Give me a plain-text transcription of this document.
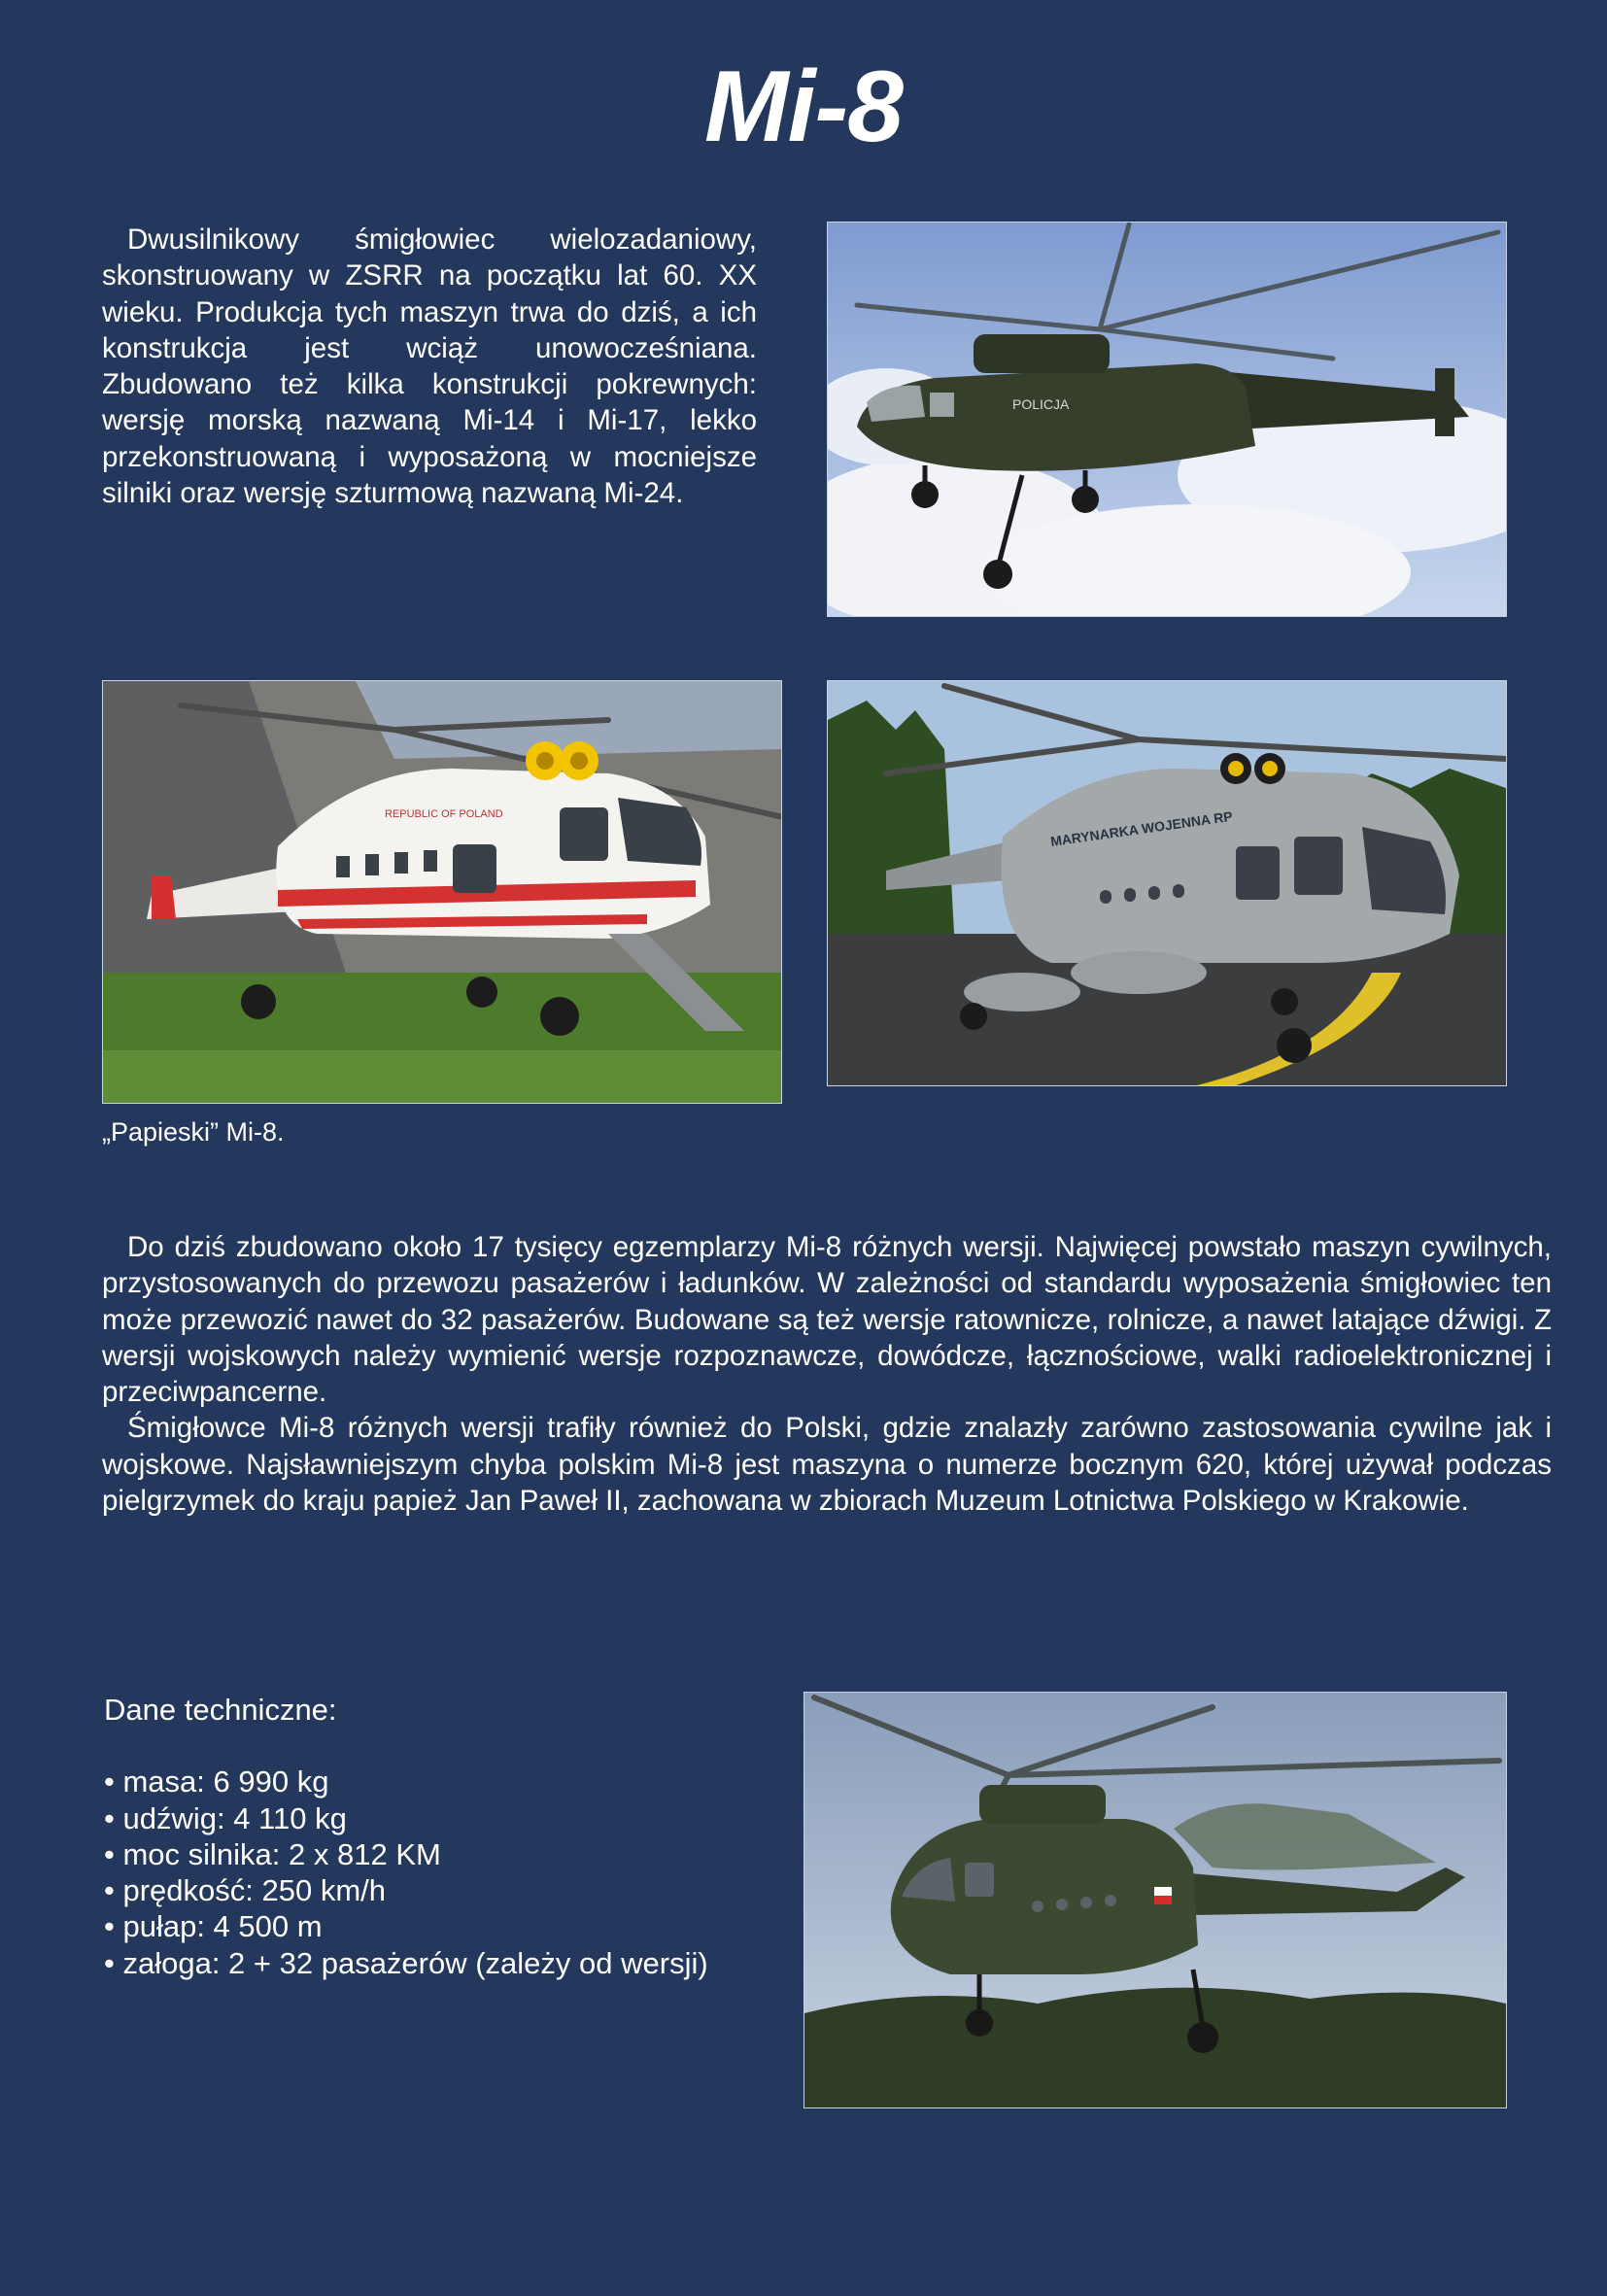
Mi-8

Dwusilnikowy śmigłowiec wielozadaniowy, skonstruowany w ZSRR na początku lat 60. XX wieku. Produkcja tych maszyn trwa do dziś, a ich konstrukcja jest wciąż unowocześniana. Zbudowano też kilka konstrukcji pokrewnych: wersję morską nazwaną Mi-14 i Mi-17, lekko przekonstruowaną i wyposażoną w mocniejsze silniki oraz wersję szturmową nazwaną Mi-24.

POLICJA
REPUBLIC OF POLAND	MARYNARKA WOJENNA RP
„Papieski” Mi-8.

Do dziś zbudowano około 17 tysięcy egzemplarzy Mi-8 różnych wersji. Najwięcej powstało maszyn cywilnych, przystosowanych do przewozu pasażerów i ładunków. W zależności od standardu wyposażenia śmigłowiec ten może przewozić nawet do 32 pasażerów. Budowane są też wersje ratownicze, rolnicze, a nawet latające dźwigi. Z wersji wojskowych należy wymienić wersje rozpoznawcze, dowódcze, łącznościowe, walki radioelektronicznej i przeciwpancerne.

Śmigłowce Mi-8 różnych wersji trafiły również do Polski, gdzie znalazły zarówno zastosowania cywilne jak i wojskowe. Najsławniejszym chyba polskim Mi-8 jest maszyna o numerze bocznym 620, której używał podczas pielgrzymek do kraju papież Jan Paweł II, zachowana w zbiorach Muzeum Lotnictwa Polskiego w Krakowie.

Dane techniczne:
• masa: 6 990 kg
• udźwig: 4 110 kg
• moc silnika: 2 x 812 KM
• prędkość: 250 km/h
• pułap: 4 500 m
• załoga: 2 + 32 pasażerów (zależy od wersji)
